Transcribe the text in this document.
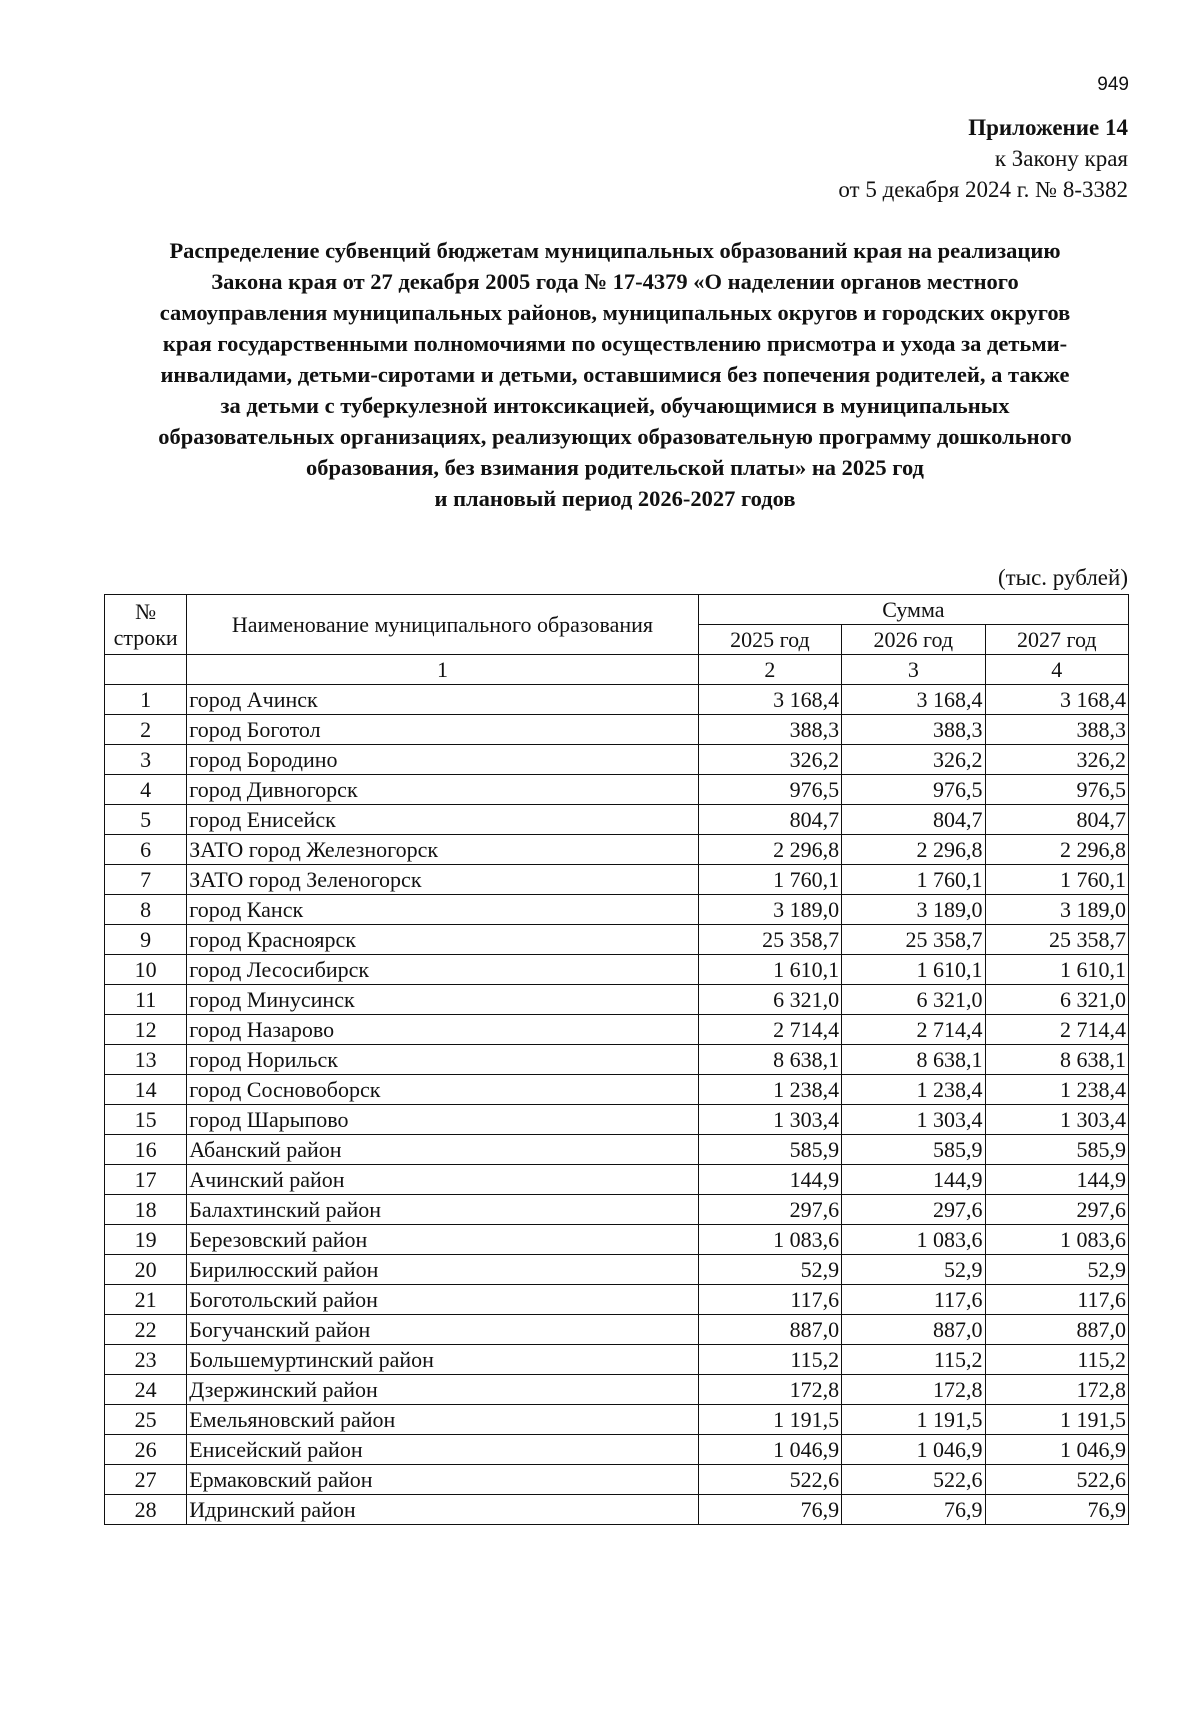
949
Приложение 14
к Закону края
от 5 декабря 2024 г. № 8-3382
Распределение субвенций бюджетам муниципальных образований края на реализацию
Закона края от 27 декабря 2005 года № 17-4379 «О наделении органов местного
самоуправления муниципальных районов, муниципальных округов и городских округов
края государственными полномочиями по осуществлению присмотра и ухода за детьми-
инвалидами, детьми-сиротами и детьми, оставшимися без попечения родителей, а также
за детьми с туберкулезной интоксикацией, обучающимися в муниципальных
образовательных организациях, реализующих образовательную программу дошкольного
образования, без взимания родительской платы» на 2025 год
и плановый период 2026-2027 годов
(тыс. рублей)
№
строки	Наименование муниципального образования	Сумма		
		2025 год	2026 год	2027 год
	1	2	3	4
1	город Ачинск	3 168,4	3 168,4	3 168,4
2	город Боготол	388,3	388,3	388,3
3	город Бородино	326,2	326,2	326,2
4	город Дивногорск	976,5	976,5	976,5
5	город Енисейск	804,7	804,7	804,7
6	ЗАТО город Железногорск	2 296,8	2 296,8	2 296,8
7	ЗАТО город Зеленогорск	1 760,1	1 760,1	1 760,1
8	город Канск	3 189,0	3 189,0	3 189,0
9	город Красноярск	25 358,7	25 358,7	25 358,7
10	город Лесосибирск	1 610,1	1 610,1	1 610,1
11	город Минусинск	6 321,0	6 321,0	6 321,0
12	город Назарово	2 714,4	2 714,4	2 714,4
13	город Норильск	8 638,1	8 638,1	8 638,1
14	город Сосновоборск	1 238,4	1 238,4	1 238,4
15	город Шарыпово	1 303,4	1 303,4	1 303,4
16	Абанский район	585,9	585,9	585,9
17	Ачинский район	144,9	144,9	144,9
18	Балахтинский район	297,6	297,6	297,6
19	Березовский район	1 083,6	1 083,6	1 083,6
20	Бирилюсский район	52,9	52,9	52,9
21	Боготольский район	117,6	117,6	117,6
22	Богучанский район	887,0	887,0	887,0
23	Большемуртинский район	115,2	115,2	115,2
24	Дзержинский район	172,8	172,8	172,8
25	Емельяновский район	1 191,5	1 191,5	1 191,5
26	Енисейский район	1 046,9	1 046,9	1 046,9
27	Ермаковский район	522,6	522,6	522,6
28	Идринский район	76,9	76,9	76,9
